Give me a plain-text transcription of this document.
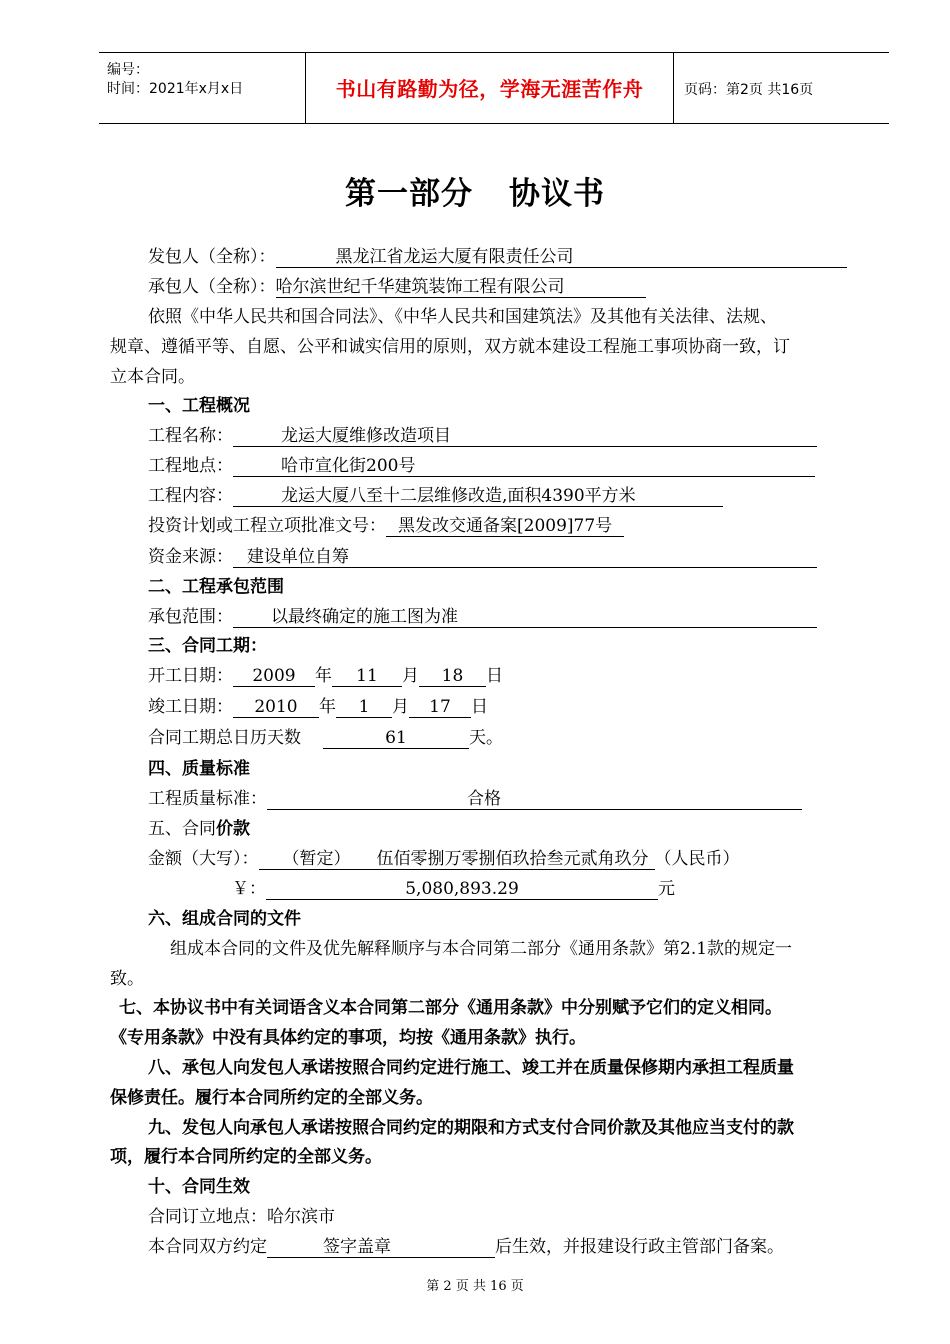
编号：
时间：2021年x月x日	书山有路勤为径，学海无涯苦作舟	页码：第2页 共16页
第一部分 协议书
发包人（全称）：	黑龙江省龙运大厦有限责任公司
承包人（全称）：哈尔滨世纪千华建筑装饰工程有限公司
依照《中华人民共和国合同法》、《中华人民共和国建筑法》及其他有关法律、法规、
规章、遵循平等、自愿、公平和诚实信用的原则，双方就本建设工程施工事项协商一致，订
立本合同。
一、工程概况
工程名称：	龙运大厦维修改造项目
工程地点：	哈市宣化街200号
工程内容：	龙运大厦八至十二层维修改造,面积4390平方米
投资计划或工程立项批准文号： 黑发改交通备案[2009]77号
资金来源： 建设单位自筹
二、工程承包范围
承包范围： 以最终确定的施工图为准
三、合同工期：
开工日期： 2009 年 11 月 18 日
竣工日期： 2010 年 1 月 17 日
合同工期总日历天数	61	天。
四、质量标准
工程质量标准：	合格
五、合同价款
金额（大写）： （暂定） 伍佰零捌万零捌佰玖拾叁元贰角玖分 （人民币）
￥：	5,080,893.29	元
六、组成合同的文件
组成本合同的文件及优先解释顺序与本合同第二部分《通用条款》第2.1款的规定一
致。
七、本协议书中有关词语含义本合同第二部分《通用条款》中分别赋予它们的定义相同。
《专用条款》中没有具体约定的事项，均按《通用条款》执行。
八、承包人向发包人承诺按照合同约定进行施工、竣工并在质量保修期内承担工程质量
保修责任。履行本合同所约定的全部义务。
九、发包人向承包人承诺按照合同约定的期限和方式支付合同价款及其他应当支付的款
项，履行本合同所约定的全部义务。
十、合同生效
合同订立地点：哈尔滨市
本合同双方约定	签字盖章	后生效，并报建设行政主管部门备案。
第 2 页 共 16 页
